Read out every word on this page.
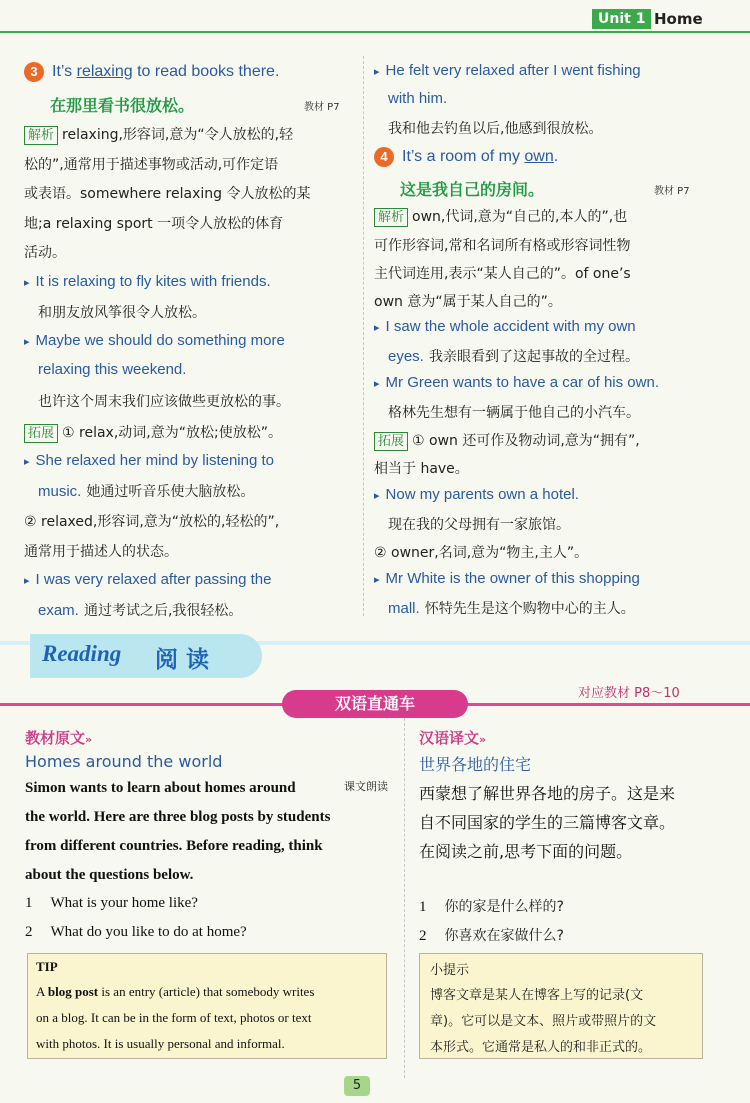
Unit 1 Home
3 It’s relaxing to read books there.
在那里看书很放松。	教材 P7
解析 relaxing,形容词,意为“令人放松的,轻
松的”,通常用于描述事物或活动,可作定语
或表语。somewhere relaxing 令人放松的某
地;a relaxing sport 一项令人放松的体育
活动。
▸ It is relaxing to fly kites with friends.
和朋友放风筝很令人放松。
▸ Maybe we should do something more
relaxing this weekend.
也许这个周末我们应该做些更放松的事。
拓展 ① relax,动词,意为“放松;使放松”。
▸ She relaxed her mind by listening to
music. 她通过听音乐使大脑放松。
② relaxed,形容词,意为“放松的,轻松的”,
通常用于描述人的状态。
▸ I was very relaxed after passing the
exam. 通过考试之后,我很轻松。
▸ He felt very relaxed after I went fishing
with him.
我和他去钓鱼以后,他感到很放松。
4 It’s a room of my own.
这是我自己的房间。	教材 P7
解析 own,代词,意为“自己的,本人的”,也
可作形容词,常和名词所有格或形容词性物
主代词连用,表示“某人自己的”。of one’s
own 意为“属于某人自己的”。
▸ I saw the whole accident with my own
eyes. 我亲眼看到了这起事故的全过程。
▸ Mr Green wants to have a car of his own.
格林先生想有一辆属于他自己的小汽车。
拓展 ① own 还可作及物动词,意为“拥有”,
相当于 have。
▸ Now my parents own a hotel.
现在我的父母拥有一家旅馆。
② owner,名词,意为“物主,主人”。
▸ Mr White is the owner of this shopping
mall. 怀特先生是这个购物中心的主人。
Reading 阅读
对应教材 P8～10
双语直通车
教材原文»
Homes around the world
课文朗读
Simon wants to learn about homes around
the world. Here are three blog posts by students
from different countries. Before reading, think
about the questions below.
1 What is your home like?
2 What do you like to do at home?
TIP
A blog post is an entry (article) that somebody writes
on a blog. It can be in the form of text, photos or text
with photos. It is usually personal and informal.
汉语译文»
世界各地的住宅
西蒙想了解世界各地的房子。这是来
自不同国家的学生的三篇博客文章。
在阅读之前,思考下面的问题。
1 你的家是什么样的?
2 你喜欢在家做什么?
小提示
博客文章是某人在博客上写的记录(文
章)。它可以是文本、照片或带照片的文
本形式。它通常是私人的和非正式的。
5
